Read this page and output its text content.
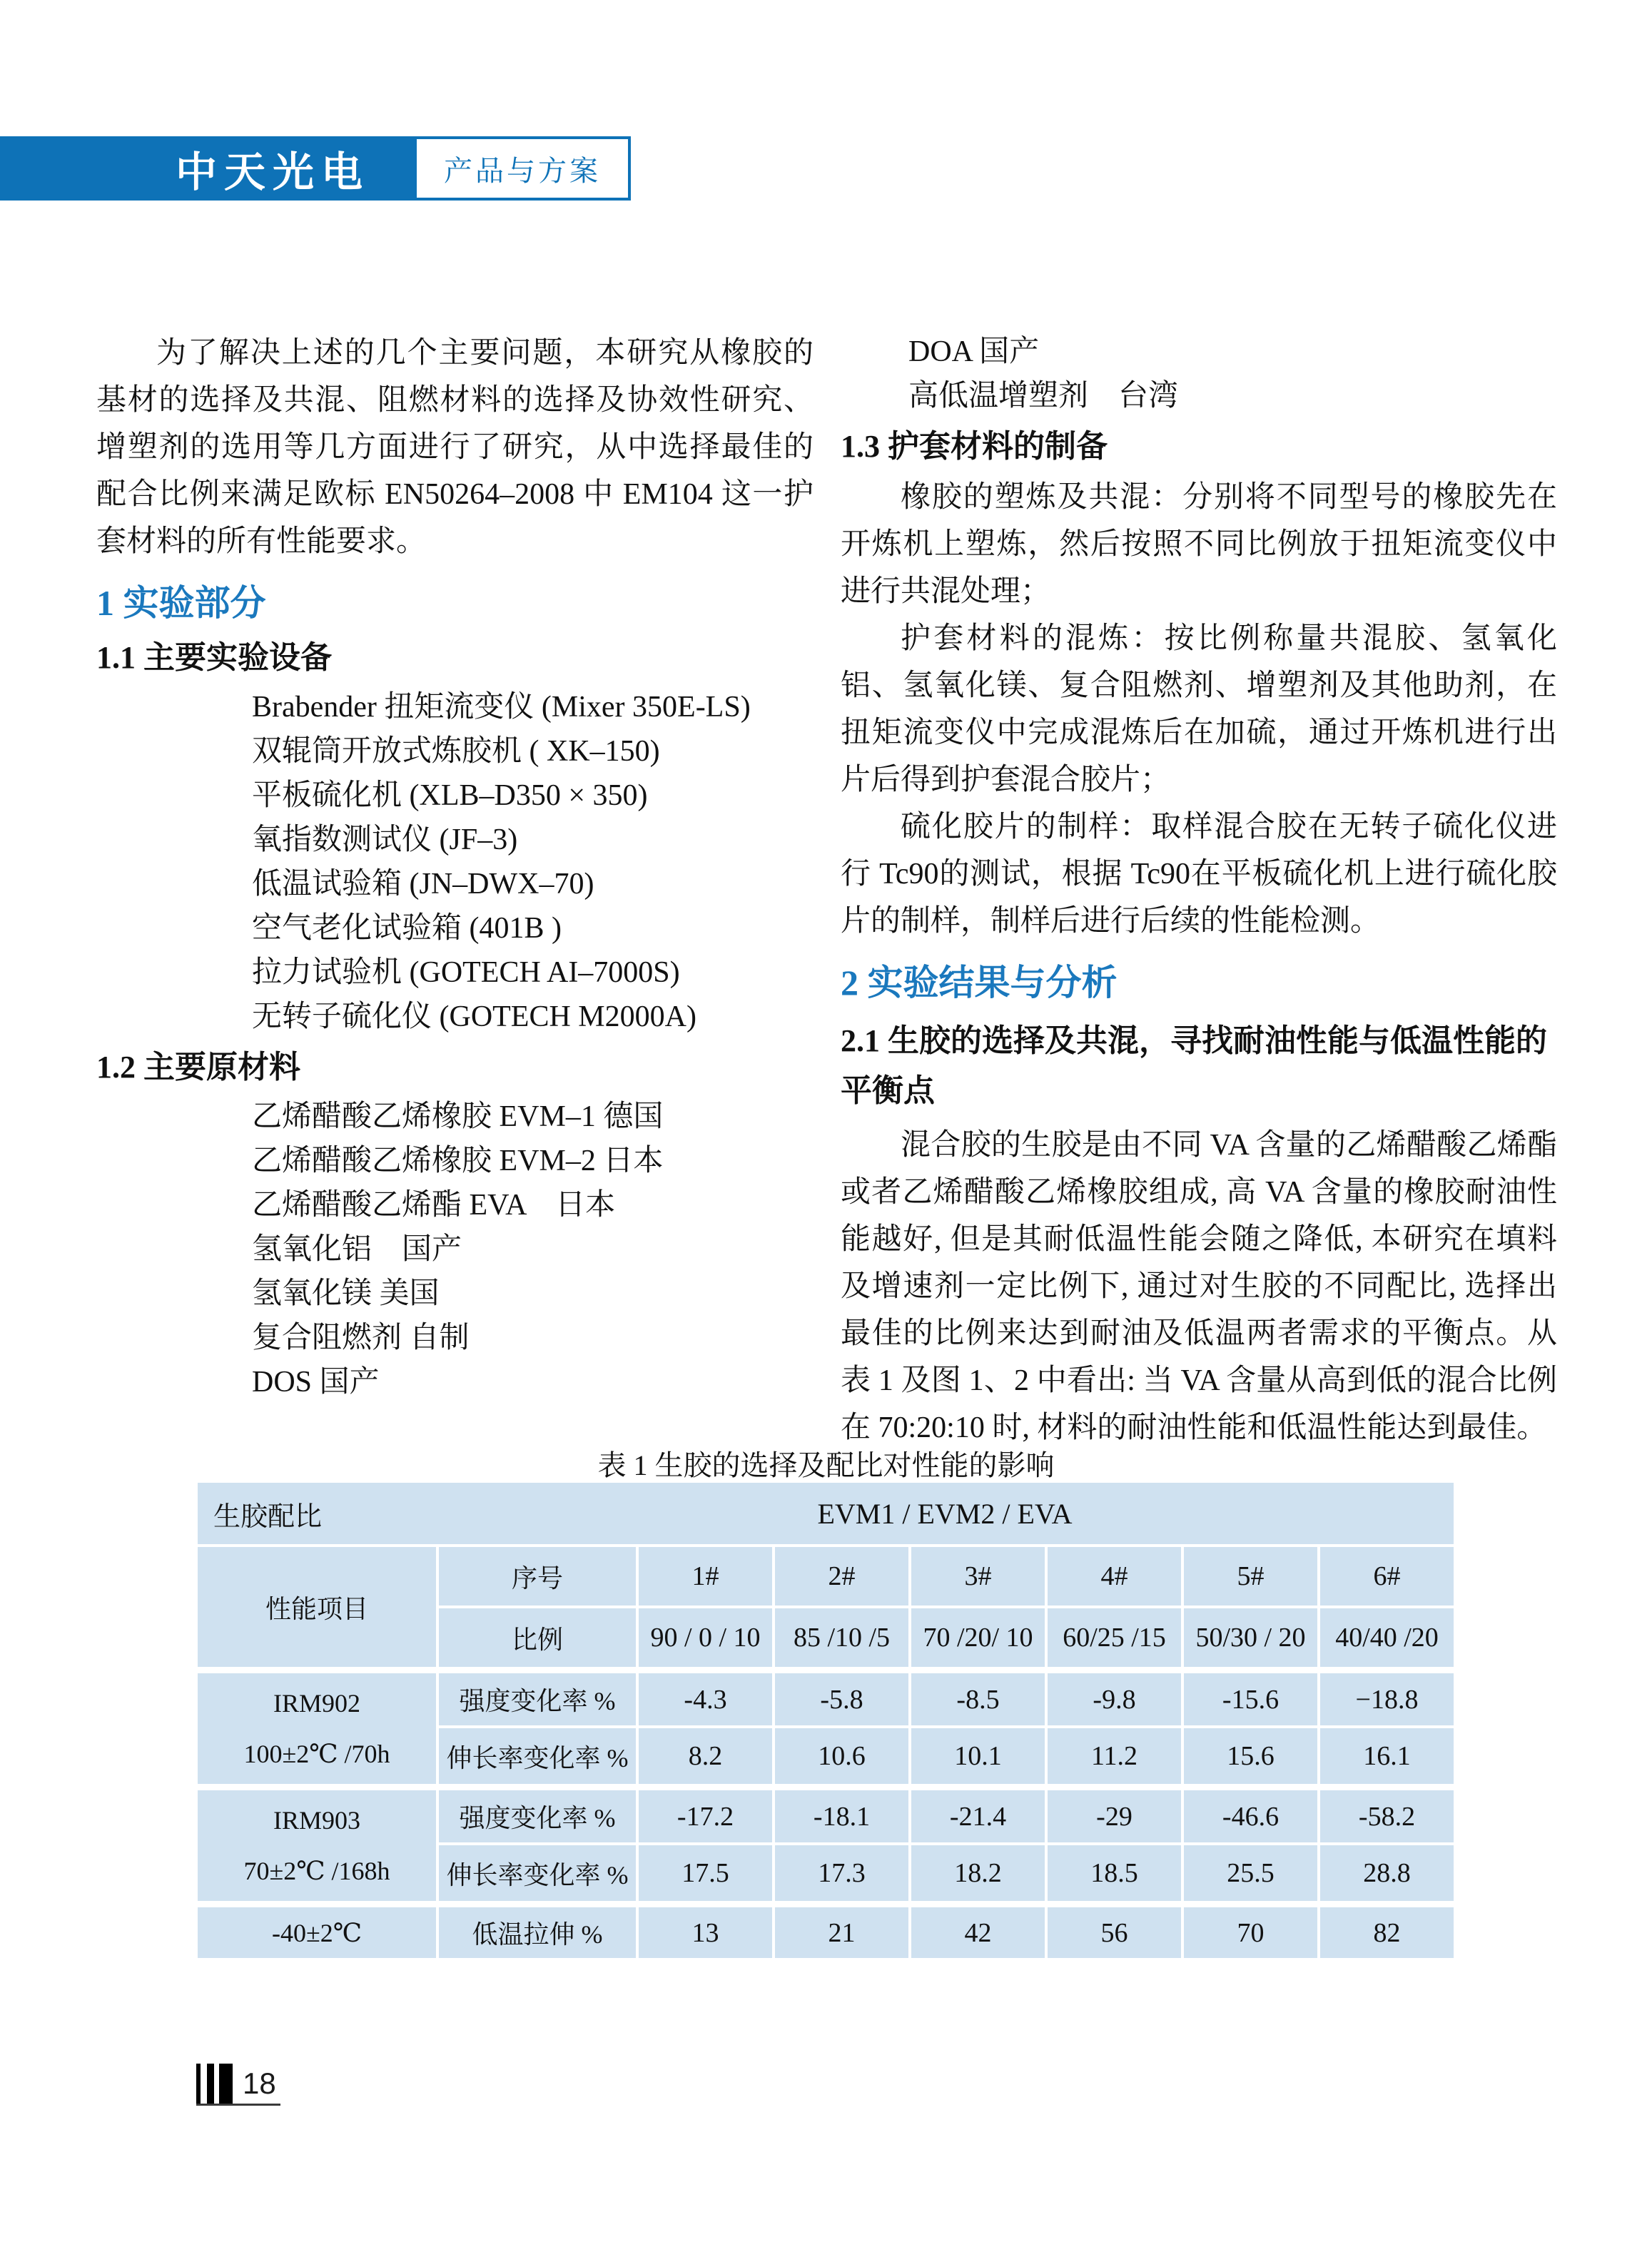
中天光电	产品与方案

为了解决上述的几个主要问题，本研究从橡胶的基材的选择及共混、阻燃材料的选择及协效性研究、增塑剂的选用等几方面进行了研究，从中选择最佳的配合比例来满足欧标 EN50264–2008 中 EM104 这一护套材料的所有性能要求。

1 实验部分
1.1 主要实验设备
Brabender 扭矩流变仪 (Mixer 350E-LS)
双辊筒开放式炼胶机 ( XK–150)
平板硫化机 (XLB–D350 × 350)
氧指数测试仪 (JF–3)
低温试验箱 (JN–DWX–70)
空气老化试验箱 (401B )
拉力试验机 (GOTECH AI–7000S)
无转子硫化仪 (GOTECH M2000A)
1.2 主要原材料
乙烯醋酸乙烯橡胶 EVM–1 德国
乙烯醋酸乙烯橡胶 EVM–2 日本
乙烯醋酸乙烯酯 EVA　日本
氢氧化铝　国产
氢氧化镁 美国
复合阻燃剂 自制
DOS 国产
DOA 国产
高低温增塑剂　台湾
1.3 护套材料的制备

橡胶的塑炼及共混：分别将不同型号的橡胶先在开炼机上塑炼，然后按照不同比例放于扭矩流变仪中进行共混处理；

护套材料的混炼：按比例称量共混胶、氢氧化铝、氢氧化镁、复合阻燃剂、增塑剂及其他助剂，在扭矩流变仪中完成混炼后在加硫，通过开炼机进行出片后得到护套混合胶片；

硫化胶片的制样：取样混合胶在无转子硫化仪进行 Tc90的测试，根据 Tc90在平板硫化机上进行硫化胶片的制样，制样后进行后续的性能检测。

2 实验结果与分析
2.1 生胶的选择及共混，寻找耐油性能与低温性能的平衡点

混合胶的生胶是由不同 VA 含量的乙烯醋酸乙烯酯或者乙烯醋酸乙烯橡胶组成, 高 VA 含量的橡胶耐油性能越好, 但是其耐低温性能会随之降低, 本研究在填料及增速剂一定比例下, 通过对生胶的不同配比, 选择出最佳的比例来达到耐油及低温两者需求的平衡点。从表 1 及图 1、2 中看出: 当 VA 含量从高到低的混合比例在 70:20:10 时, 材料的耐油性能和低温性能达到最佳。

表 1 生胶的选择及配比对性能的影响
生胶配比	EVM1 / EVM2 / EVA
性能项目
序号	1#	2#	3#	4#	5#	6#
比例	90 / 0 / 10	85 /10 /5	70 /20/ 10	60/25 /15	50/30 / 20	40/40 /20
IRM902
100±2℃ /70h
强度变化率 %	-4.3	-5.8	-8.5	-9.8	-15.6	−18.8
伸长率变化率 %	8.2	10.6	10.1	11.2	15.6	16.1
IRM903
70±2℃ /168h
强度变化率 %	-17.2	-18.1	-21.4	-29	-46.6	-58.2
伸长率变化率 %	17.5	17.3	18.2	18.5	25.5	28.8
-40±2℃	低温拉伸 %	13	21	42	56	70	82
18
